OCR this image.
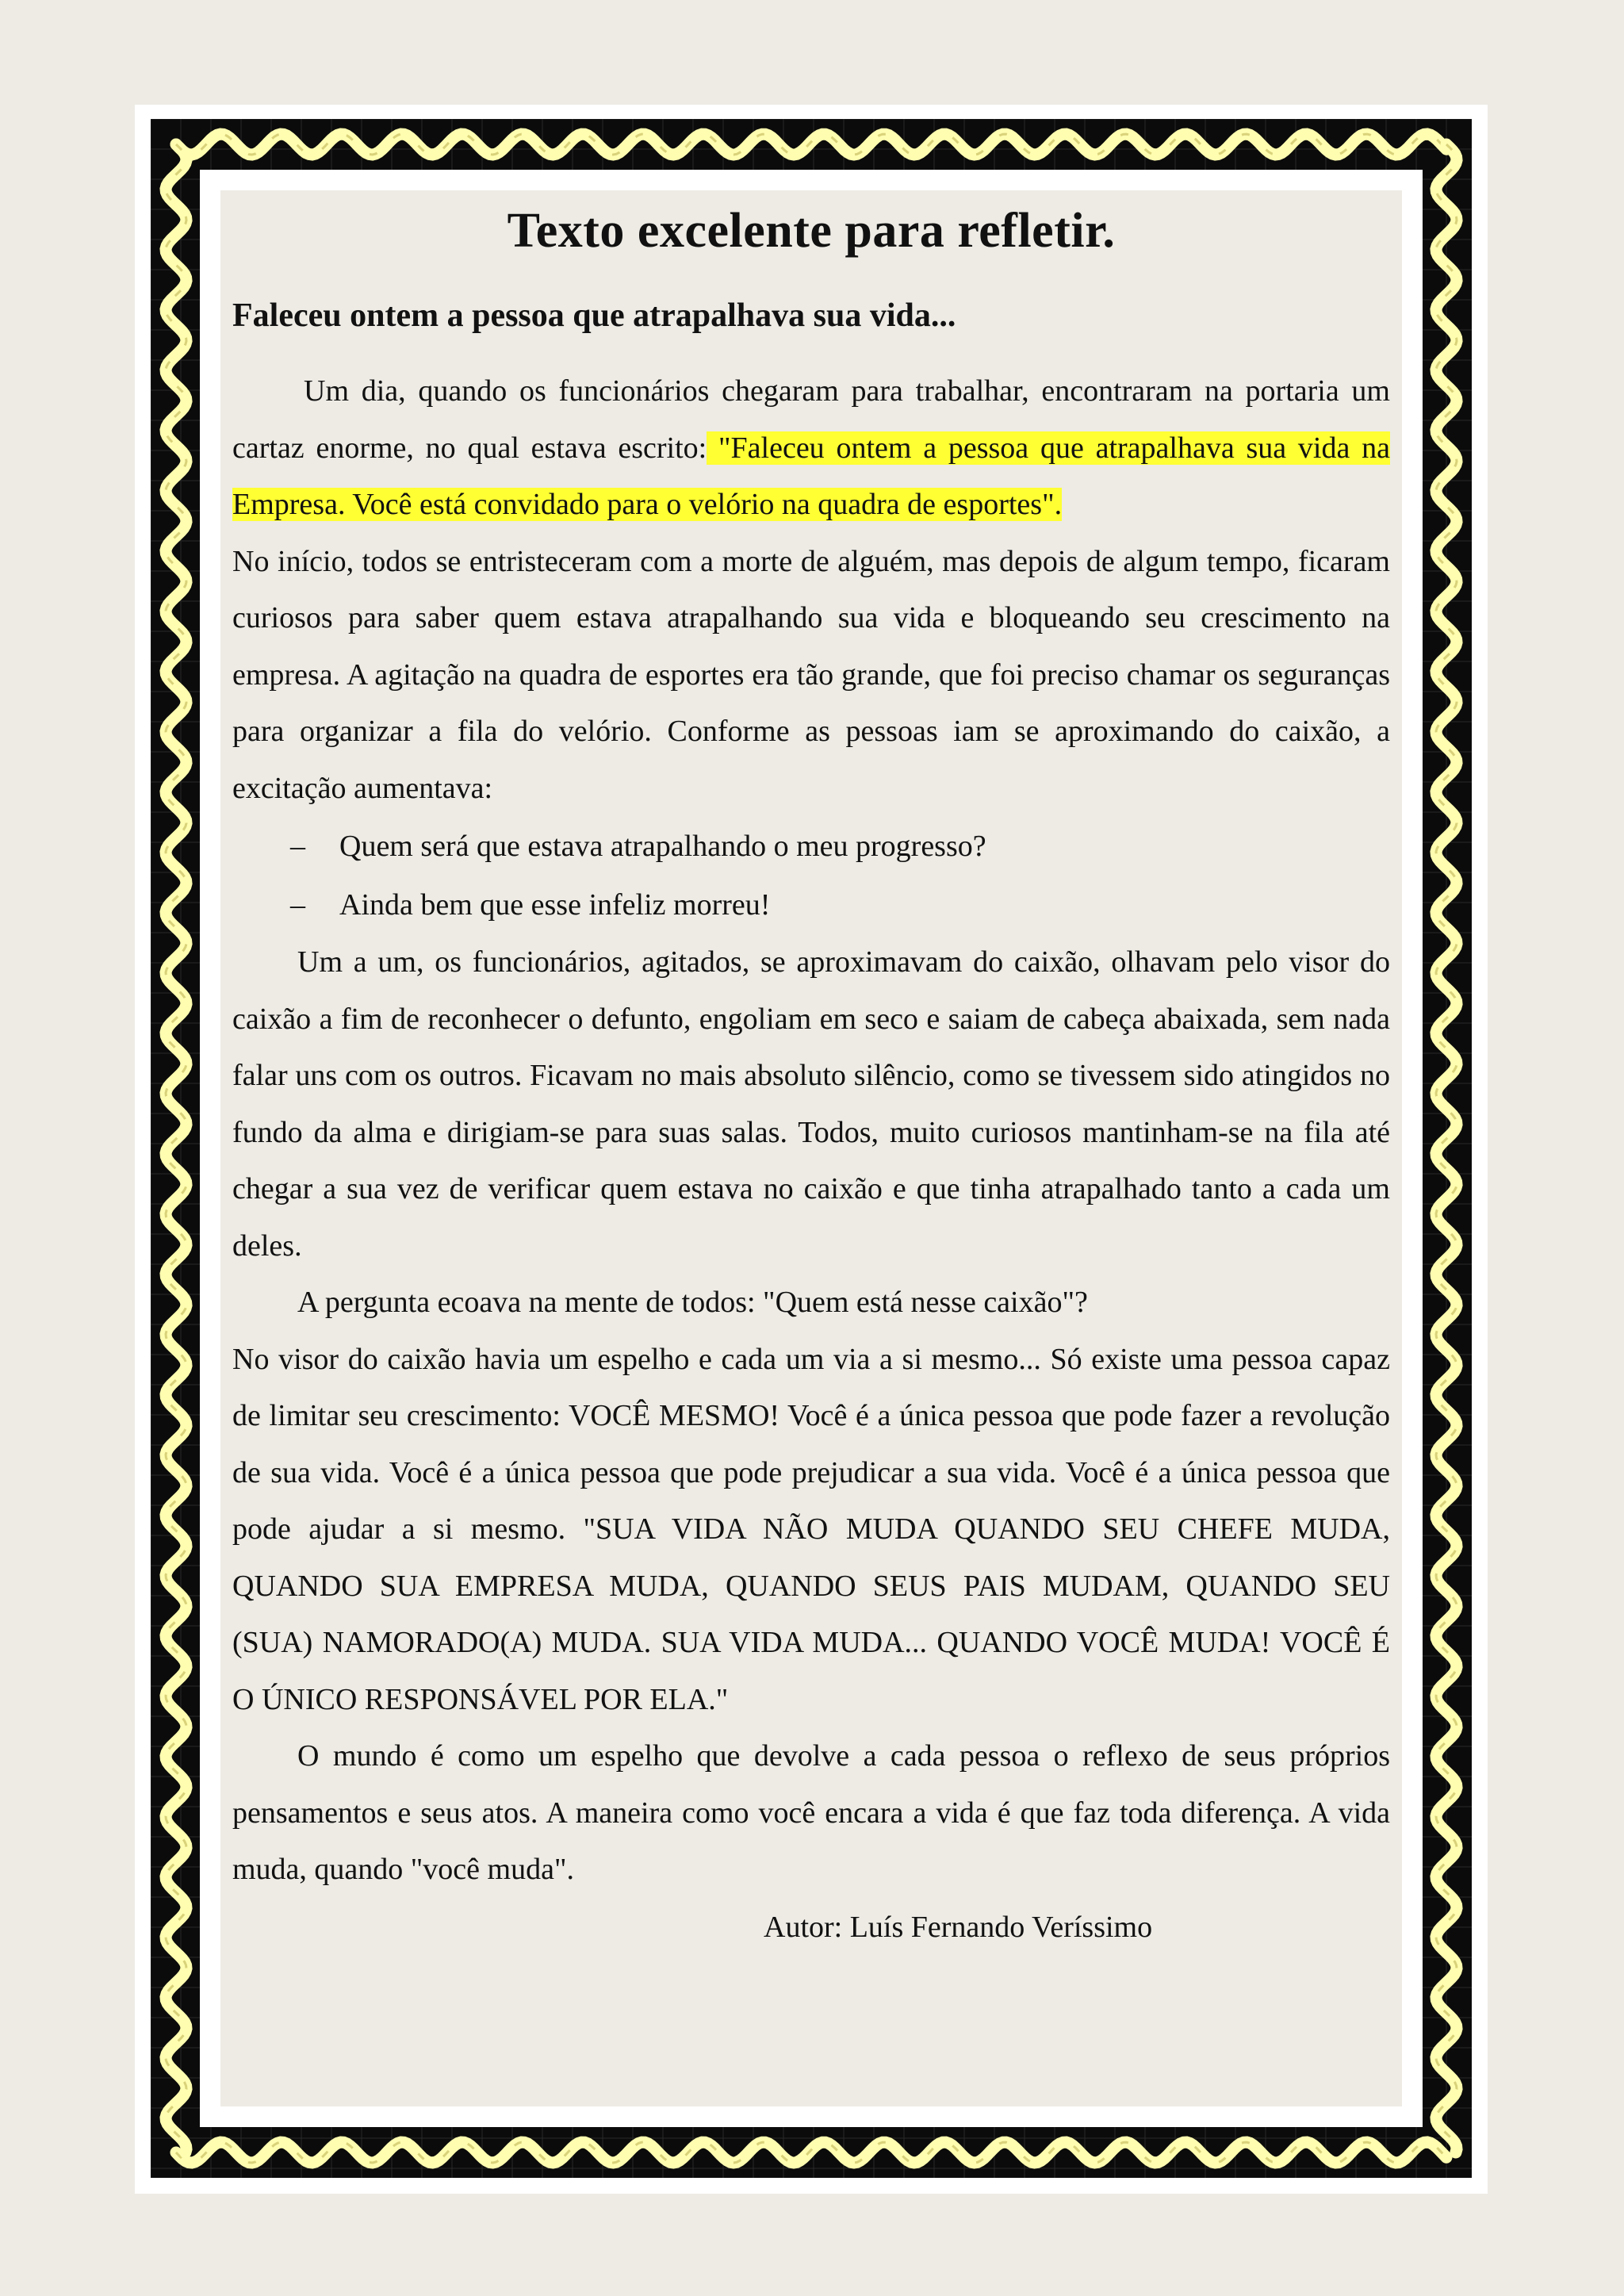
Texto excelente para refletir.
Faleceu ontem a pessoa que atrapalhava sua vida...

Um dia, quando os funcionários chegaram para trabalhar, encontraram na portaria um cartaz enorme, no qual estava escrito: "Faleceu ontem a pessoa que atrapalhava sua vida na Empresa. Você está convidado para o velório na quadra de esportes".

No início, todos se entristeceram com a morte de alguém, mas depois de algum tempo, ficaram curiosos para saber quem estava atrapalhando sua vida e bloqueando seu crescimento na empresa. A agitação na quadra de esportes era tão grande, que foi preciso chamar os seguranças para organizar a fila do velório. Conforme as pessoas iam se aproximando do caixão, a excitação aumentava:

– Quem será que estava atrapalhando o meu progresso?
– Ainda bem que esse infeliz morreu!

Um a um, os funcionários, agitados, se aproximavam do caixão, olhavam pelo visor do caixão a fim de reconhecer o defunto, engoliam em seco e saiam de cabeça abaixada, sem nada falar uns com os outros. Ficavam no mais absoluto silêncio, como se tivessem sido atingidos no fundo da alma e dirigiam-se para suas salas. Todos, muito curiosos mantinham-se na fila até chegar a sua vez de verificar quem estava no caixão e que tinha atrapalhado tanto a cada um deles.

A pergunta ecoava na mente de todos: "Quem está nesse caixão"?

No visor do caixão havia um espelho e cada um via a si mesmo... Só existe uma pessoa capaz de limitar seu crescimento: VOCÊ MESMO! Você é a única pessoa que pode fazer a revolução de sua vida. Você é a única pessoa que pode prejudicar a sua vida. Você é a única pessoa que pode ajudar a si mesmo. "SUA VIDA NÃO MUDA QUANDO SEU CHEFE MUDA, QUANDO SUA EMPRESA MUDA, QUANDO SEUS PAIS MUDAM, QUANDO SEU (SUA) NAMORADO(A) MUDA. SUA VIDA MUDA... QUANDO VOCÊ MUDA! VOCÊ É O ÚNICO RESPONSÁVEL POR ELA."

O mundo é como um espelho que devolve a cada pessoa o reflexo de seus próprios pensamentos e seus atos. A maneira como você encara a vida é que faz toda diferença. A vida muda, quando "você muda".

Autor: Luís Fernando Veríssimo
